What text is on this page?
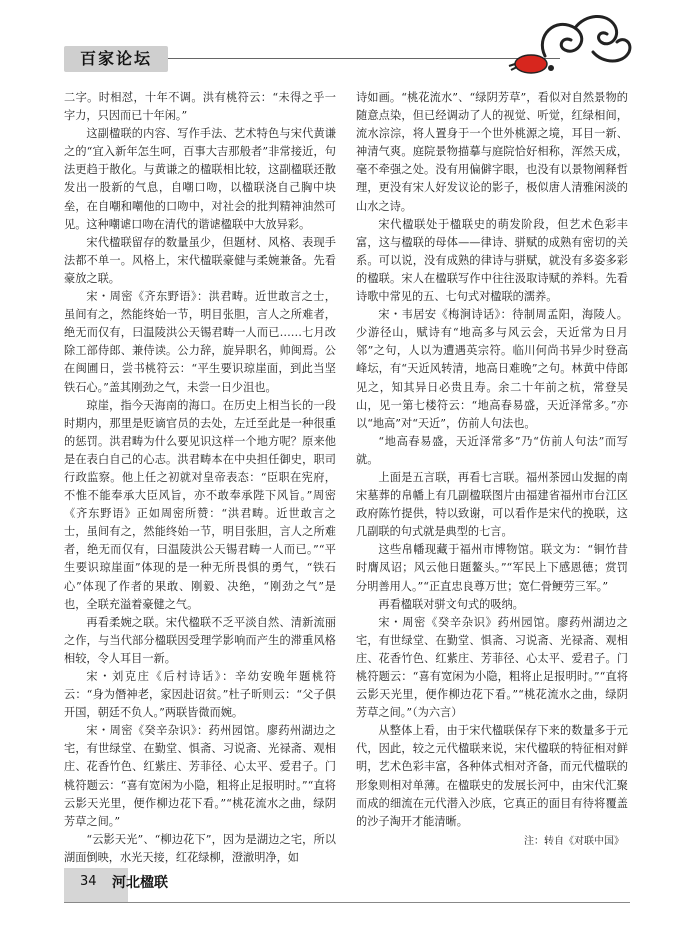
百家论坛

二字。时相怼，十年不调。洪有桃符云：“未得之乎一字力，只因而已十年闲。”

这副楹联的内容、写作手法、艺术特色与宋代黄谦之的“宜入新年怎生呵，百事大吉那般者”非常接近，句法更趋于散化。与黄谦之的楹联相比较，这副楹联还散发出一股新的气息，自嘲口吻，以楹联浇自己胸中块垒，在自嘲和嘲他的口吻中，对社会的批判精神油然可见。这种嘲谑口吻在清代的谐谑楹联中大放异彩。

宋代楹联留存的数量虽少，但题材、风格、表现手法都不单一。风格上，宋代楹联豪健与柔婉兼备。先看豪放之联。

宋・周密《齐东野语》：洪君畴。近世敢言之士，虽间有之，然能终始一节，明目张胆，言人之所难者，绝无而仅有，曰温陵洪公天锡君畴一人而已……七月改除工部侍郎、兼侍读。公力辞，旋异职名，帅闽焉。公在闽圃日，尝书桃符云：“平生要识琼崖面，到此当坚铁石心。”盖其刚劲之气，未尝一日少沮也。

琼崖，指今天海南的海口。在历史上相当长的一段时期内，那里是贬谪官员的去处，左迁至此是一种很重的惩罚。洪君畴为什么要见识这样一个地方呢？原来他是在表白自己的心志。洪君畴本在中央担任御史，职司行政监察。他上任之初就对皇帝表态：“臣职在宪府，不惟不能奉承大臣风旨，亦不敢奉承陛下风旨。”周密《齐东野语》正如周密所赞：“洪君畴。近世敢言之士，虽间有之，然能终始一节，明目张胆，言人之所难者，绝无而仅有，曰温陵洪公天锡君畴一人而已。”“平生要识琼崖面”体现的是一种无所畏惧的勇气，“铁石心”体现了作者的果敢、刚毅、决绝，“刚劲之气”是也，全联充溢着豪健之气。

再看柔婉之联。宋代楹联不乏平淡自然、清新流丽之作，与当代部分楹联因受理学影响而产生的滞重风格相较，令人耳目一新。

宋・刘克庄《后村诗话》：辛幼安晚年题桃符云：“身为僭神老，家因赴诏贫。”杜子昕则云：“父子俱开国，朝廷不负人。”两联皆微而婉。

宋・周密《癸辛杂识》：药州园馆。廖药州湖边之宅，有世绿堂、在勤堂、惧斋、习说斋、光禄斋、观相庄、花香竹色、红紫庄、芳菲径、心太平、爱君子。门桃符题云：“喜有宽闲为小隐，粗将止足报明时。”“直将云影天光里，便作柳边花下看。”“桃花流水之曲，绿阴芳草之间。”

“云影天光”、“柳边花下”，因为是湖边之宅，所以湖面倒映，水光天接，红花绿柳，澄澈明净，如

诗如画。“桃花流水”、“绿阴芳草”，看似对自然景物的随意点染，但已经调动了人的视觉、听觉，红绿相间，流水淙淙，将人置身于一个世外桃源之境，耳目一新、神清气爽。庭院景物描摹与庭院恰好相称，浑然天成，毫不牵强之处。没有用偏僻字眼，也没有以景物阐释哲理，更没有宋人好发议论的影子，极似唐人清雅闲淡的山水之诗。

宋代楹联处于楹联史的萌发阶段，但艺术色彩丰富，这与楹联的母体——律诗、骈赋的成熟有密切的关系。可以说，没有成熟的律诗与骈赋，就没有多姿多彩的楹联。宋人在楹联写作中往往汲取诗赋的养料。先看诗歌中常见的五、七句式对楹联的濡养。

宋・韦居安《梅涧诗话》：待制周孟阳，海陵人。少游径山，赋诗有“地高多与风云会，天近常为日月邻”之句，人以为遭遇英宗符。临川何尚书异少时登高峰坛，有“天近风转清，地高日难晚”之句。林黄中侍郎见之，知其异日必贵且寿。余二十年前之杭，常登吴山，见一第七楼符云：“地高春易盛，天近泽常多。”亦以“地高”对“天近”，仿前人句法也。

“地高春易盛，天近泽常多”乃“仿前人句法”而写就。

上面是五言联，再看七言联。福州茶园山发掘的南宋墓葬的帛幡上有几副楹联图片由福建省福州市台江区政府陈竹提供，特以致谢，可以看作是宋代的挽联，这几副联的句式就是典型的七言。

这些帛幡现藏于福州市博物馆。联文为：“铜竹昔时膺凤诏；风云他日题鳌头。”“军民上下感恩德；赏罚分明善用人。”“正直忠良尊万世；宽仁骨鲠劳三军。”

再看楹联对骈文句式的吸纳。

宋・周密《癸辛杂识》药州园馆。廖药州湖边之宅，有世绿堂、在勤堂、惧斋、习说斋、光禄斋、观相庄、花香竹色、红紫庄、芳菲径、心太平、爱君子。门桃符题云：“喜有宽闲为小隐，粗将止足报明时。”“直将云影天光里，便作柳边花下看。”“桃花流水之曲，绿阴芳草之间。”（为六言）

从整体上看，由于宋代楹联保存下来的数量多于元代，因此，较之元代楹联来说，宋代楹联的特征相对鲜明，艺术色彩丰富，各种体式相对齐备，而元代楹联的形象则相对单薄。在楹联史的发展长河中，由宋代汇聚而成的细流在元代潜入沙底，它真正的面目有待将覆盖的沙子淘开才能清晰。

注：转自《对联中国》

34 河北楹联
